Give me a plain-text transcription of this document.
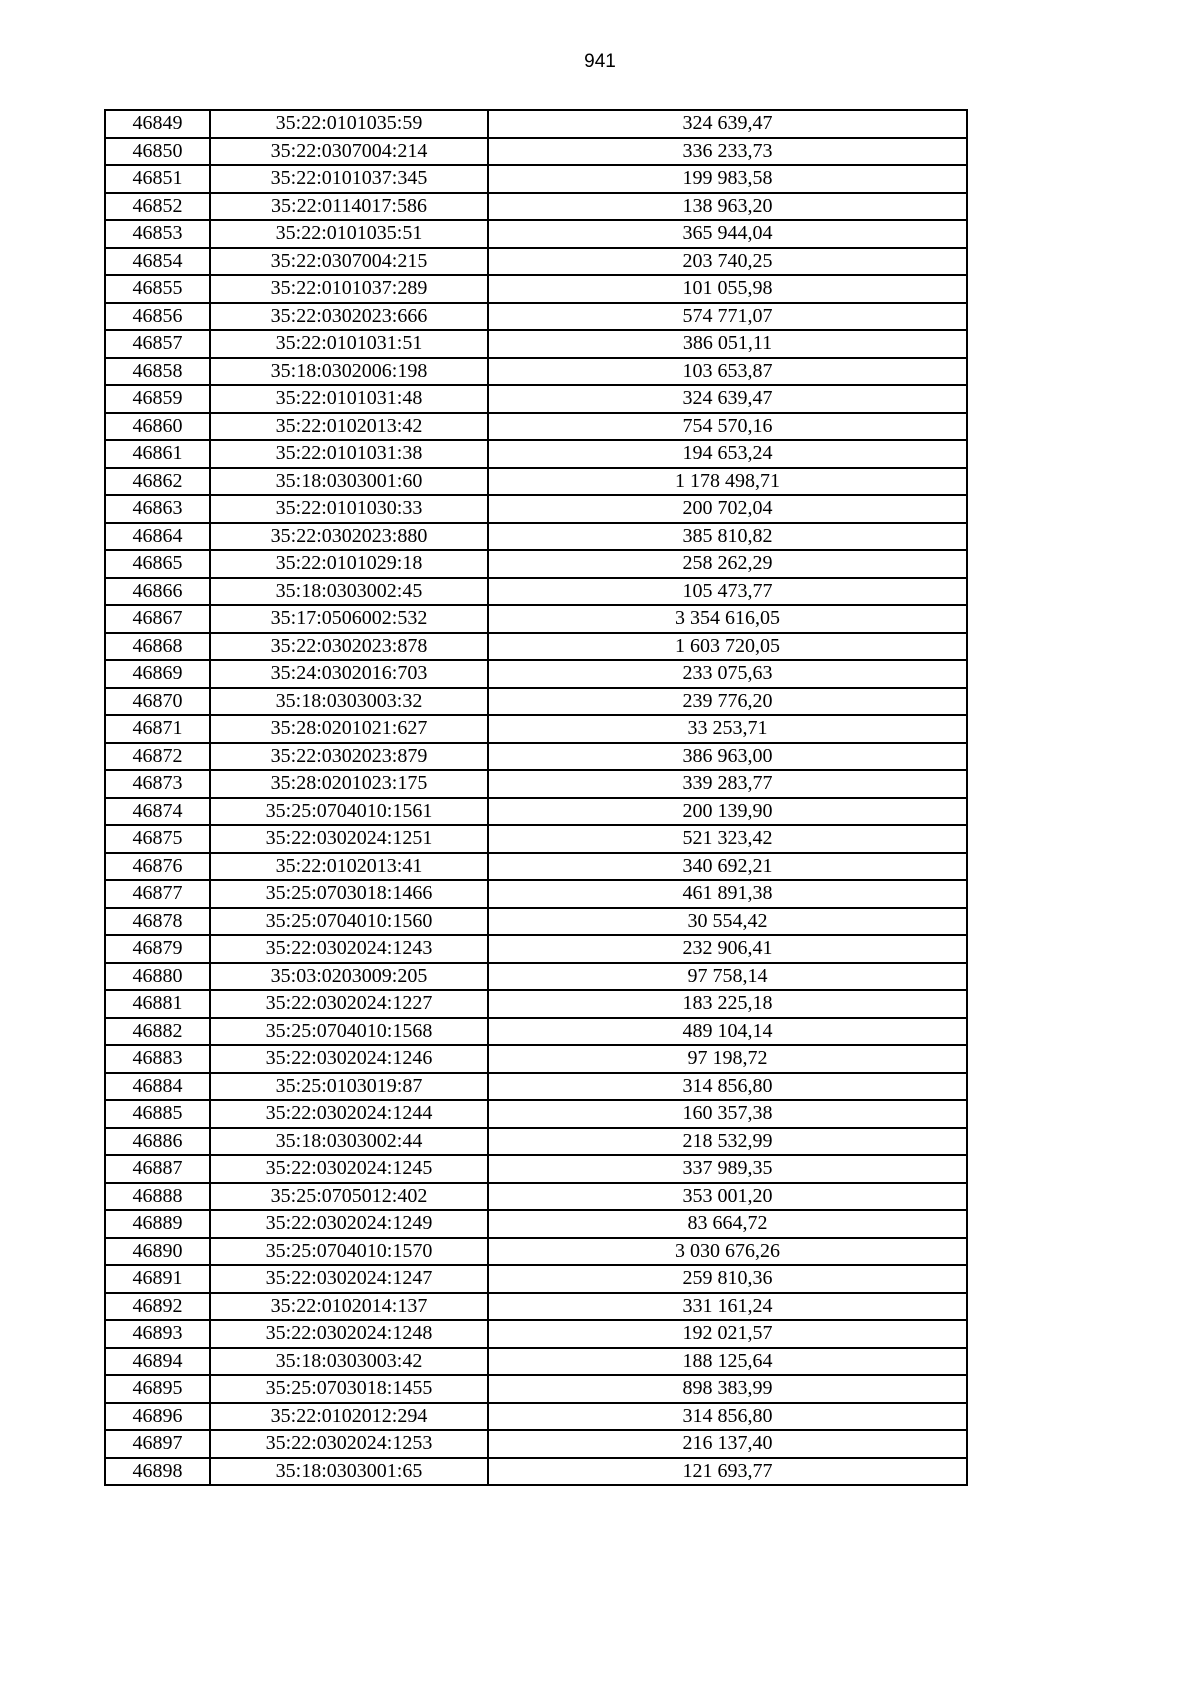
941
46849	35:22:0101035:59	324 639,47
46850	35:22:0307004:214	336 233,73
46851	35:22:0101037:345	199 983,58
46852	35:22:0114017:586	138 963,20
46853	35:22:0101035:51	365 944,04
46854	35:22:0307004:215	203 740,25
46855	35:22:0101037:289	101 055,98
46856	35:22:0302023:666	574 771,07
46857	35:22:0101031:51	386 051,11
46858	35:18:0302006:198	103 653,87
46859	35:22:0101031:48	324 639,47
46860	35:22:0102013:42	754 570,16
46861	35:22:0101031:38	194 653,24
46862	35:18:0303001:60	1 178 498,71
46863	35:22:0101030:33	200 702,04
46864	35:22:0302023:880	385 810,82
46865	35:22:0101029:18	258 262,29
46866	35:18:0303002:45	105 473,77
46867	35:17:0506002:532	3 354 616,05
46868	35:22:0302023:878	1 603 720,05
46869	35:24:0302016:703	233 075,63
46870	35:18:0303003:32	239 776,20
46871	35:28:0201021:627	33 253,71
46872	35:22:0302023:879	386 963,00
46873	35:28:0201023:175	339 283,77
46874	35:25:0704010:1561	200 139,90
46875	35:22:0302024:1251	521 323,42
46876	35:22:0102013:41	340 692,21
46877	35:25:0703018:1466	461 891,38
46878	35:25:0704010:1560	30 554,42
46879	35:22:0302024:1243	232 906,41
46880	35:03:0203009:205	97 758,14
46881	35:22:0302024:1227	183 225,18
46882	35:25:0704010:1568	489 104,14
46883	35:22:0302024:1246	97 198,72
46884	35:25:0103019:87	314 856,80
46885	35:22:0302024:1244	160 357,38
46886	35:18:0303002:44	218 532,99
46887	35:22:0302024:1245	337 989,35
46888	35:25:0705012:402	353 001,20
46889	35:22:0302024:1249	83 664,72
46890	35:25:0704010:1570	3 030 676,26
46891	35:22:0302024:1247	259 810,36
46892	35:22:0102014:137	331 161,24
46893	35:22:0302024:1248	192 021,57
46894	35:18:0303003:42	188 125,64
46895	35:25:0703018:1455	898 383,99
46896	35:22:0102012:294	314 856,80
46897	35:22:0302024:1253	216 137,40
46898	35:18:0303001:65	121 693,77
